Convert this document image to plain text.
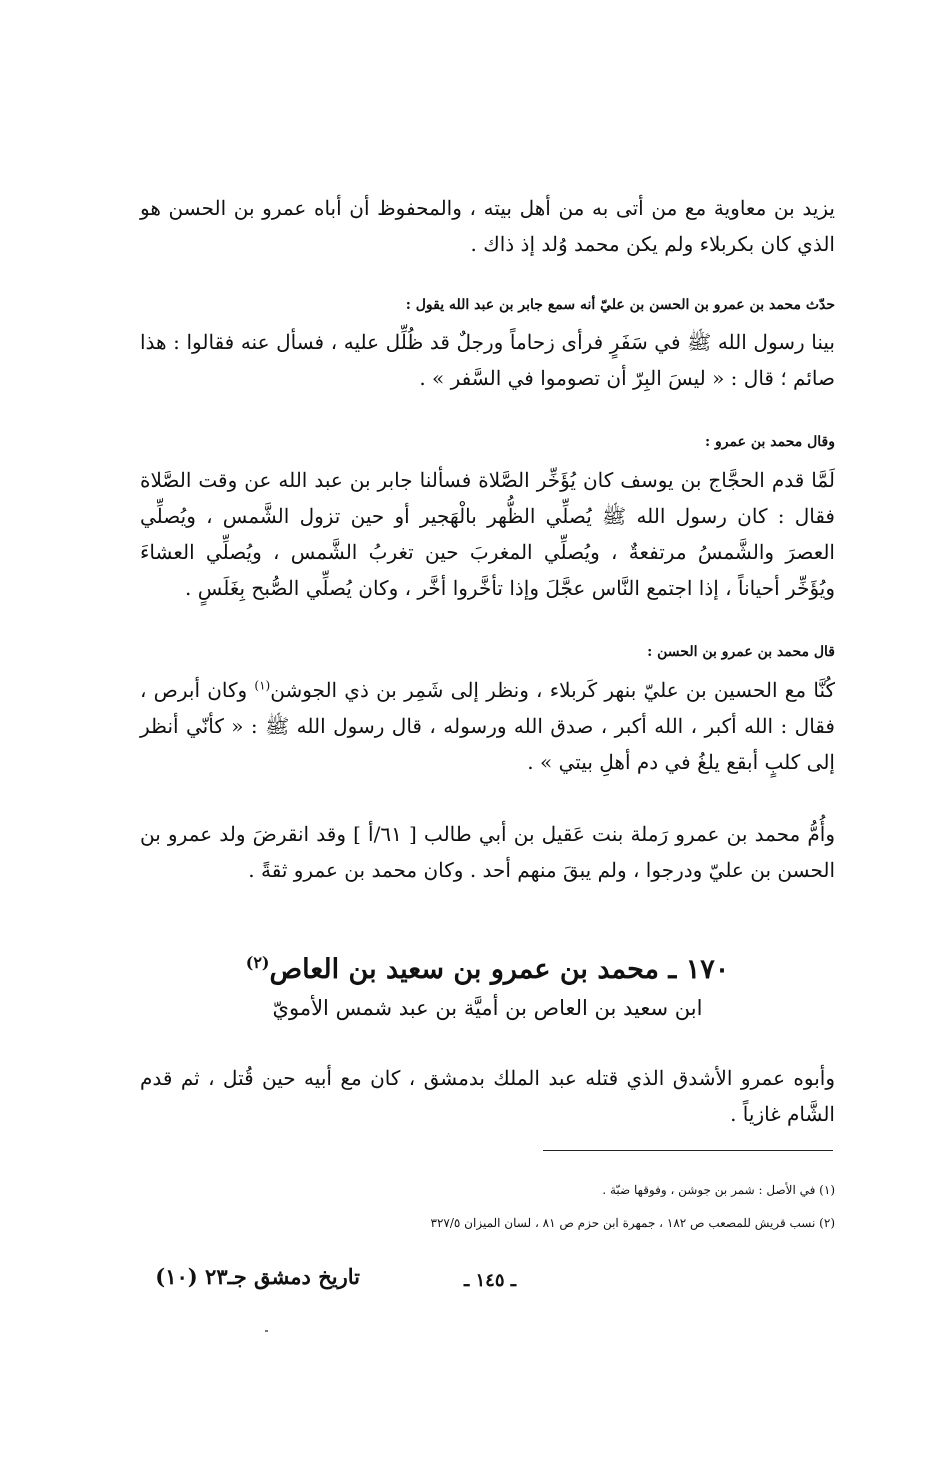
يزيد بن معاوية مع من أتى به من أهل بيته ، والمحفوظ أن أباه عمرو بن الحسن هو الذي كان بكربلاء ولم يكن محمد وُلد إذ ذاك .

حدّث محمد بن عمرو بن الحسن بن عليّ أنه سمع جابر بن عبد الله يقول :

بينا رسول الله ﷺ في سَفَرٍ فرأى زحاماً ورجلٌ قد ظُلِّل عليه ، فسأل عنه فقالوا : هذا صائم ؛ قال : « ليسَ البِرّ أن تصوموا في السَّفر » .

وقال محمد بن عمرو :

لَمَّا قدم الحجَّاج بن يوسف كان يُؤَخِّر الصَّلاة فسألنا جابر بن عبد الله عن وقت الصَّلاة فقال : كان رسول الله ﷺ يُصلِّي الظُّهر بالْهَجير أو حين تزول الشَّمس ، ويُصلِّي العصرَ والشَّمسُ مرتفعةٌ ، ويُصلِّي المغربَ حين تغربُ الشَّمس ، ويُصلِّي العشاءَ ويُؤَخِّر أحياناً ، إذا اجتمع النَّاس عجَّلَ وإذا تأخَّروا أخَّر ، وكان يُصلِّي الصُّبح بِغَلَسٍ .

قال محمد بن عمرو بن الحسن :

كُنَّا مع الحسين بن عليّ بنهر كَربلاء ، ونظر إلى شَمِر بن ذي الجوشن$^{(١)}$ وكان أبرص ، فقال : الله أكبر ، الله أكبر ، صدق الله ورسوله ، قال رسول الله ﷺ : « كأنّي أنظر إلى كلبٍ أبقع يلغُ في دم أهلِ بيتي » .

وأُمُّ محمد بن عمرو رَملة بنت عَقيل بن أبي طالب [ ٦١/أ ] وقد انقرضَ ولد عمرو بن الحسن بن عليّ ودرجوا ، ولم يبقَ منهم أحد . وكان محمد بن عمرو ثقةً .

١٧٠ ـ محمد بن عمرو بن سعيد بن العاص$^{(٢)}$

ابن سعيد بن العاص بن أميَّة بن عبد شمس الأمويّ

وأبوه عمرو الأشدق الذي قتله عبد الملك بدمشق ، كان مع أبيه حين قُتل ، ثم قدم الشَّام غازياً .

(١) في الأصل : شمر بن جوشن ، وفوقها ضبّة .

(٢) نسب قريش للمصعب ص ١٨٢ ، جمهرة ابن حزم ص ٨١ ، لسان الميزان ٣٢٧/٥

تاريخ دمشق جـ٢٣ (١٠)	ـ ١٤٥ ـ
